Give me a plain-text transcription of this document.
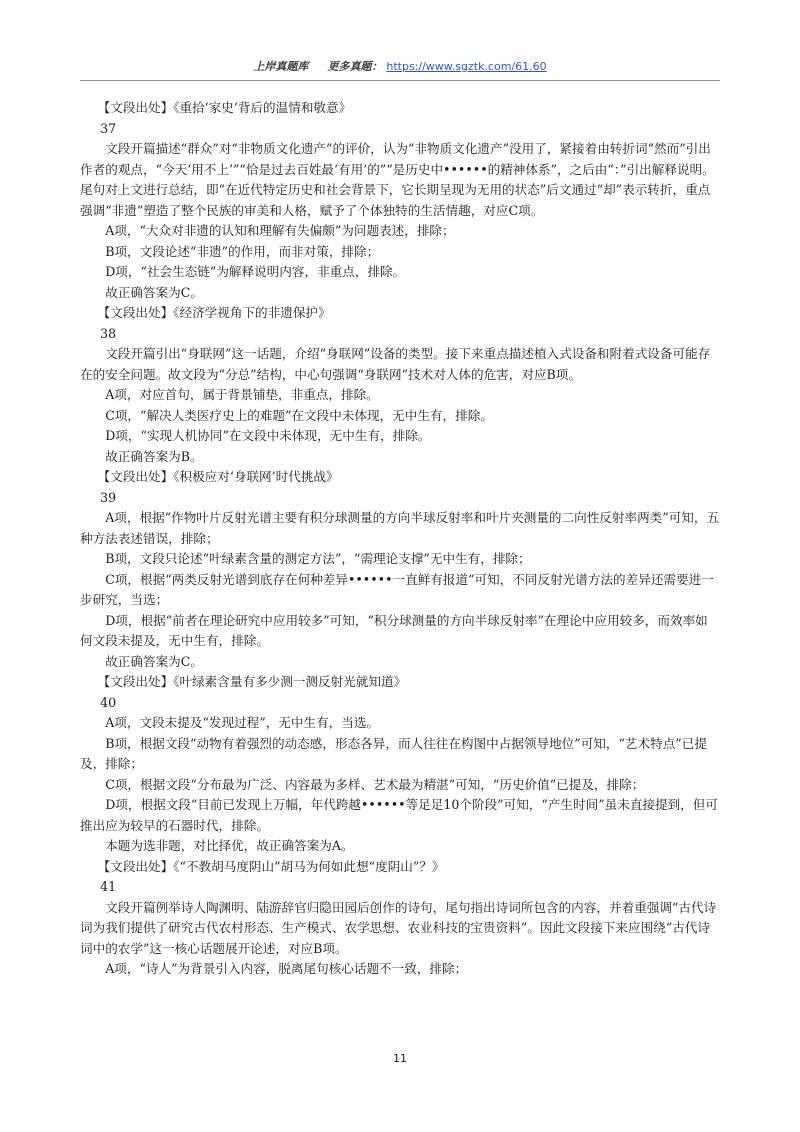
上岸真题库 更多真题： https://www.sgztk.com/61.60

【文段出处】《重拾‘家史’背后的温情和敬意》

37

文段开篇描述“群众”对“非物质文化遗产”的评价，认为“非物质文化遗产”没用了，紧接着由转折词“然而”引出作者的观点，“今天‘用不上’”“恰是过去百姓最‘有用’的”“是历史中••••••的精神体系”，之后由“：”引出解释说明。尾句对上文进行总结，即“在近代特定历史和社会背景下，它长期呈现为无用的状态”后文通过“却”表示转折，重点强调“非遗”塑造了整个民族的审美和人格，赋予了个体独特的生活情趣，对应C项。

A项，“大众对非遗的认知和理解有失偏颇”为问题表述，排除；

B项，文段论述“非遗”的作用，而非对策，排除；

D项，“社会生态链”为解释说明内容，非重点，排除。

故正确答案为C。

【文段出处】《经济学视角下的非遗保护》

38

文段开篇引出“身联网”这一话题，介绍“身联网”设备的类型。接下来重点描述植入式设备和附着式设备可能存在的安全问题。故文段为“分总”结构，中心句强调“身联网”技术对人体的危害，对应B项。

A项，对应首句，属于背景铺垫，非重点，排除。

C项，“解决人类医疗史上的难题”在文段中未体现，无中生有，排除。

D项，“实现人机协同”在文段中未体现，无中生有，排除。

故正确答案为B。

【文段出处】《积极应对‘身联网’时代挑战》

39

A项，根据“作物叶片反射光谱主要有积分球测量的方向半球反射率和叶片夹测量的二向性反射率两类”可知，五种方法表述错误，排除；

B项，文段只论述“叶绿素含量的测定方法”，“需理论支撑”无中生有，排除；

C项，根据“两类反射光谱到底存在何种差异••••••一直鲜有报道”可知，不同反射光谱方法的差异还需要进一步研究，当选；

D项，根据“前者在理论研究中应用较多”可知，“积分球测量的方向半球反射率”在理论中应用较多，而效率如何文段未提及，无中生有，排除。

故正确答案为C。

【文段出处】《叶绿素含量有多少测一测反射光就知道》

40

A项，文段未提及“发现过程”，无中生有，当选。

B项，根据文段“动物有着强烈的动态感，形态各异，而人往往在构图中占据领导地位”可知，“艺术特点”已提及，排除；

C项，根据文段“分布最为广泛、内容最为多样、艺术最为精湛”可知，“历史价值”已提及，排除；

D项，根据文段“目前已发现上万幅，年代跨越••••••等足足10个阶段”可知，“产生时间”虽未直接提到，但可推出应为较早的石器时代，排除。

本题为选非题，对比择优，故正确答案为A。

【文段出处】《“不教胡马度阴山”胡马为何如此想“度阴山”？》

41

文段开篇例举诗人陶渊明、陆游辞官归隐田园后创作的诗句，尾句指出诗词所包含的内容，并着重强调“古代诗词为我们提供了研究古代农村形态、生产模式、农学思想、农业科技的宝贵资料”。因此文段接下来应围绕“古代诗词中的农学”这一核心话题展开论述，对应B项。

A项，“诗人”为背景引入内容，脱离尾句核心话题不一致，排除；

11
